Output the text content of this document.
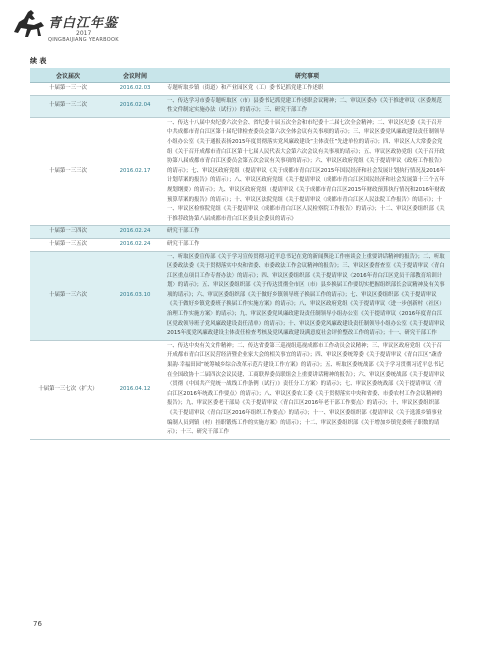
青白江年鉴
2017
QINGBAIJIANG YEARBOOK
续 表
会议届次	会议时间	研究事项
十届第一三一次	2016.02.03	专题听取乡镇（街道）和产业园区党（工）委书记抓党建工作述职
十届第一三二次	2016.02.04	一、传达学习市委专题听取区（市）县委书记抓党建工作述职会议精神；二、审议区委办《关于推进审议（区委规范性文件制定实施办法（试行））的请示》；三、研究干部工作
十届第一三三次	2016.02.17	一、传达十八届中央纪委六次全会、省纪委十届五次全会和市纪委十二届七次全会精神；二、审议区纪委《关于召开中共成都市青白江区第十届纪律检查委员会第六次全体会议有关事项的请示》；三、审议区委党风廉政建设责任制领导小组办公室《关于通报表扬2015年度贯彻落实党风廉政建设“主体责任”先进单位的请示》；四、审议区人大常委会党组《关于召开成都市青白江区第十七届人民代表大会第六次会议有关事项的请示》；五、审议区政协党组《关于召开政协第八届成都市青白江区委员会第五次会议有关事项的请示》；六、审议区政府党组《关于提请审议《政府工作报告》的请示》；七、审议区政府党组（提请审议《关于成都市青白江区2015年国民经济和社会发展计划执行情况及2016年计划草案的报告》的请示）；八、审议区政府党组《关于提请审议（成都市青白江区国民经济和社会发展第十三个五年规划纲要）的请示》；九、审议区政府党组（提请审议《关于成都市青白江区2015年财政预算执行情况和2016年财政预算草案的报告》的请示）；十、审议区法院党组《关于提请审议〈成都市青白江区人民法院工作报告〉的请示》；十一、审议区检察院党组《关于提请审议〈成都市青白江区人民检察院工作报告〉的请示》；十二、审议区委组织部《关于推荐政协第八届成都市青白江区委员会委员的请示》
十届第一三四次	2016.02.24	研究干部工作
十届第一三五次	2016.02.24	研究干部工作
十届第一三六次	2016.03.10	一、听取区委宣传部《关于学习宣传贯彻习近平总书记在党的新闻舆论工作座谈会上重要讲话精神的报告》；二、听取区委政法委《关于贯彻落实中央和省委、市委政法工作会议精神的报告》；三、审议区委督查室《关于提请审议〈青白江区重点项目工作专督办法〉的请示》；四、审议区委组织部《关于提请审议〈2016年青白江区党员干部教育培训计划〉的请示》；五、审议区委组织部《关于传达贯彻全市区（市）县乡换届工作要切实把握组织部长会议精神及有关事项的请示》；六、审议区委组织部《关于做好乡镇领导班子换届工作的请示》；七、审议区委组织部《关于提请审议《关于做好乡镇党委班子换届工作实施方案》的请示》；八、审议区政府党组《关于提请审议〈进一步创新村（社区）治理工作实施方案〉的请示》；九、审议区委党风廉政建设责任制领导小组办公室《关于提请审议（2016年度青白江区党政领导班子党风廉政建设责任清单）的请示》；十、审议区委党风廉政建设责任制领导小组办公室《关于提请审议2015年度党风廉政建设主体责任检查考核及党风廉政建设满意度社会评价整改工作的请示》；十一、研究干部工作
十届第一三七次（扩大）	2016.04.12	一、传达中央有关文件精神；二、传达省委第三巡视组巡视成都市工作动员会议精神；三、审议区政府党组《关于召开成都市青白江区民营经济暨企业家大会的相关事宜的请示》；四、审议区委统筹委《关于提请审议《青白江区“蔬香果韵·幸福田园”统筹城乡综合改革示范片建设工作方案》的请示》；五、听取区委统战部《关于学习贯彻习近平总书记在全国政协十二届四次会议民建、工商联界委员联组会上重要讲话精神的报告》；六、审议区委统战部《关于提请审议〈贯彻《中国共产党统一战线工作条例（试行）》责任分工方案〉的请示》；七、审议区委统战部《关于提请审议〈青白江区2016年统战工作要点〉的请示》；八、审议区委农工委《关于贯彻落实中央和省委、市委农村工作会议精神的报告》；九、审议区委老干部局《关于提请审议〈青白江区2016年老干部工作要点〉的请示》；十、审议区委组织部《关于提请审议〈青白江区2016年组织工作要点〉的请示》；十一、审议区委组织部《提请审议〈关于选派乡镇事业编制人员到镇（村）挂职锻炼工作的实施方案〉的请示》；十二、审议区委组织部《关于增加乡镇党委班子职数的请示》；十三、研究干部工作
76
